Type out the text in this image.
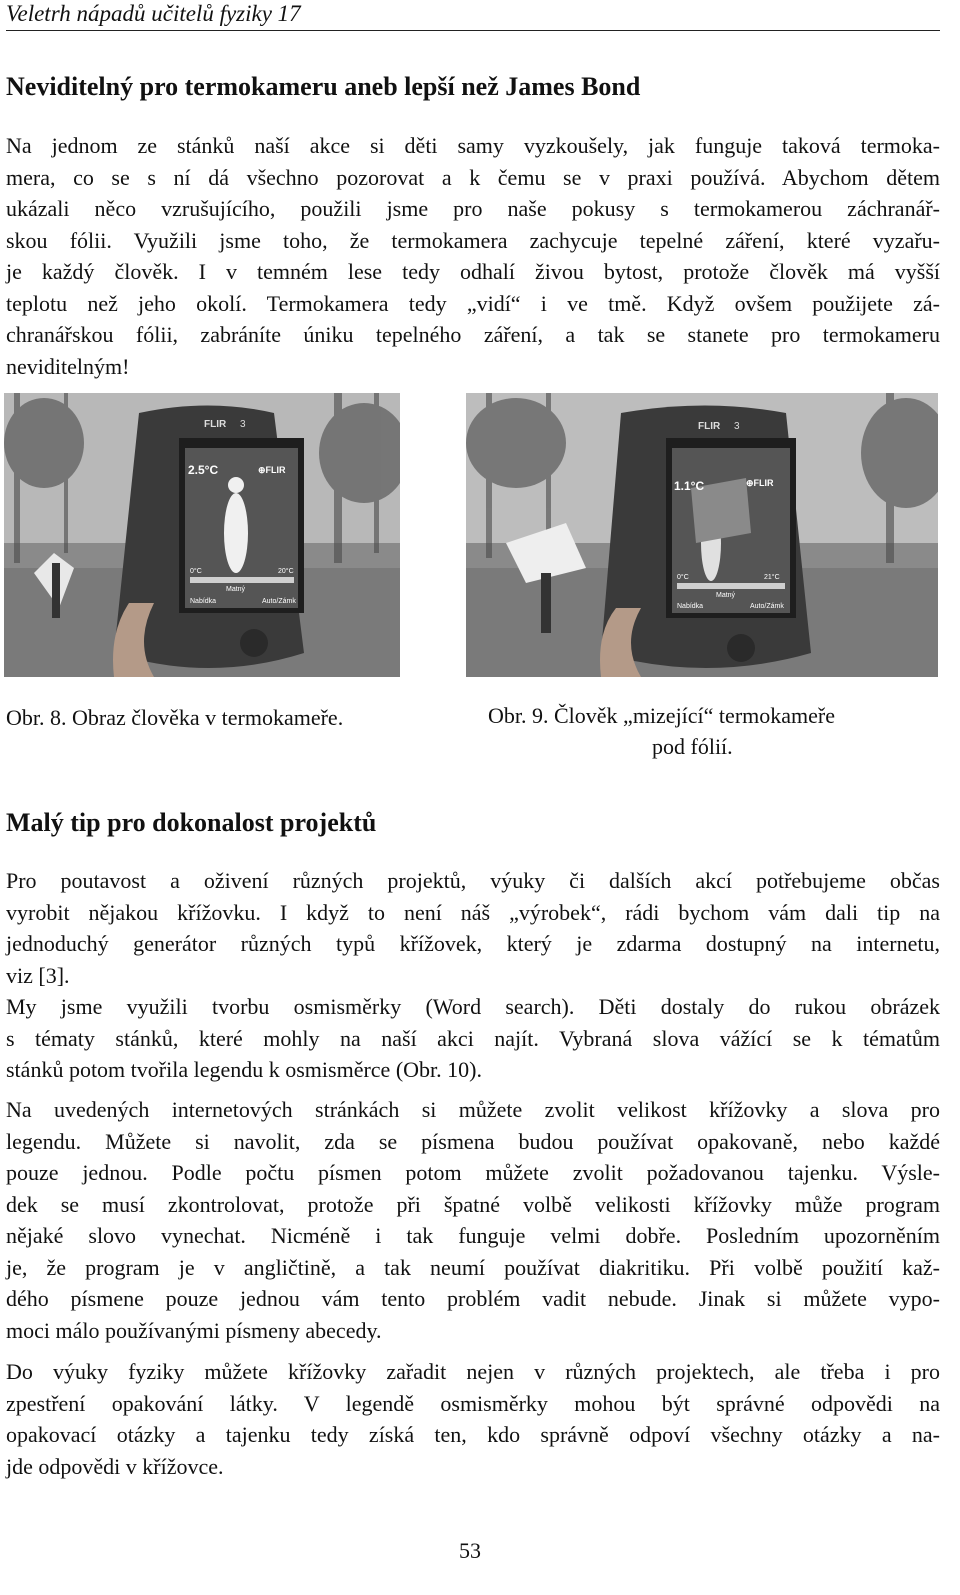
Veletrh nápadů učitelů fyziky 17
Neviditelný pro termokameru aneb lepší než James Bond
Na jednom ze stánků naší akce si děti samy vyzkoušely, jak funguje taková termoka-
mera, co se s ní dá všechno pozorovat a k čemu se v praxi používá. Abychom dětem
ukázali něco vzrušujícího, použili jsme pro naše pokusy s termokamerou záchranář-
skou fólii. Využili jsme toho, že termokamera zachycuje tepelné záření, které vyzařu-
je každý člověk. I v temném lese tedy odhalí živou bytost, protože člověk má vyšší
teplotu než jeho okolí. Termokamera tedy „vidí“ i ve tmě. Když ovšem použijete zá-
chranářskou fólii, zabráníte úniku tepelného záření, a tak se stanete pro termokameru
neviditelným!
FLIR 3
2.5°C	⊕FLIR
0°C	20°C
Matný
Nabídka	Auto/Zámk
FLIR 3
1.1°C	⊕FLIR
0°C	21°C
Matný
Nabídka	Auto/Zámk
Obr. 8. Obraz člověka v termokameře.	Obr. 9. Člověk „mizející“ termokameře
pod fólií.
Malý tip pro dokonalost projektů
Pro poutavost a oživení různých projektů, výuky či dalších akcí potřebujeme občas
vyrobit nějakou křížovku. I když to není náš „výrobek“, rádi bychom vám dali tip na
jednoduchý generátor různých typů křížovek, který je zdarma dostupný na internetu,
viz [3].
My jsme využili tvorbu osmisměrky (Word search). Děti dostaly do rukou obrázek
s tématy stánků, které mohly na naší akci najít. Vybraná slova vážící se k tématům
stánků potom tvořila legendu k osmisměrce (Obr. 10).
Na uvedených internetových stránkách si můžete zvolit velikost křížovky a slova pro
legendu. Můžete si navolit, zda se písmena budou používat opakovaně, nebo každé
pouze jednou. Podle počtu písmen potom můžete zvolit požadovanou tajenku. Výsle-
dek se musí zkontrolovat, protože při špatné volbě velikosti křížovky může program
nějaké slovo vynechat. Nicméně i tak funguje velmi dobře. Posledním upozorněním
je, že program je v angličtině, a tak neumí používat diakritiku. Při volbě použití kaž-
dého písmene pouze jednou vám tento problém vadit nebude. Jinak si můžete vypo-
moci málo používanými písmeny abecedy.
Do výuky fyziky můžete křížovky zařadit nejen v různých projektech, ale třeba i pro
zpestření opakování látky. V legendě osmisměrky mohou být správné odpovědi na
opakovací otázky a tajenku tedy získá ten, kdo správně odpoví všechny otázky a na-
jde odpovědi v křížovce.
53
